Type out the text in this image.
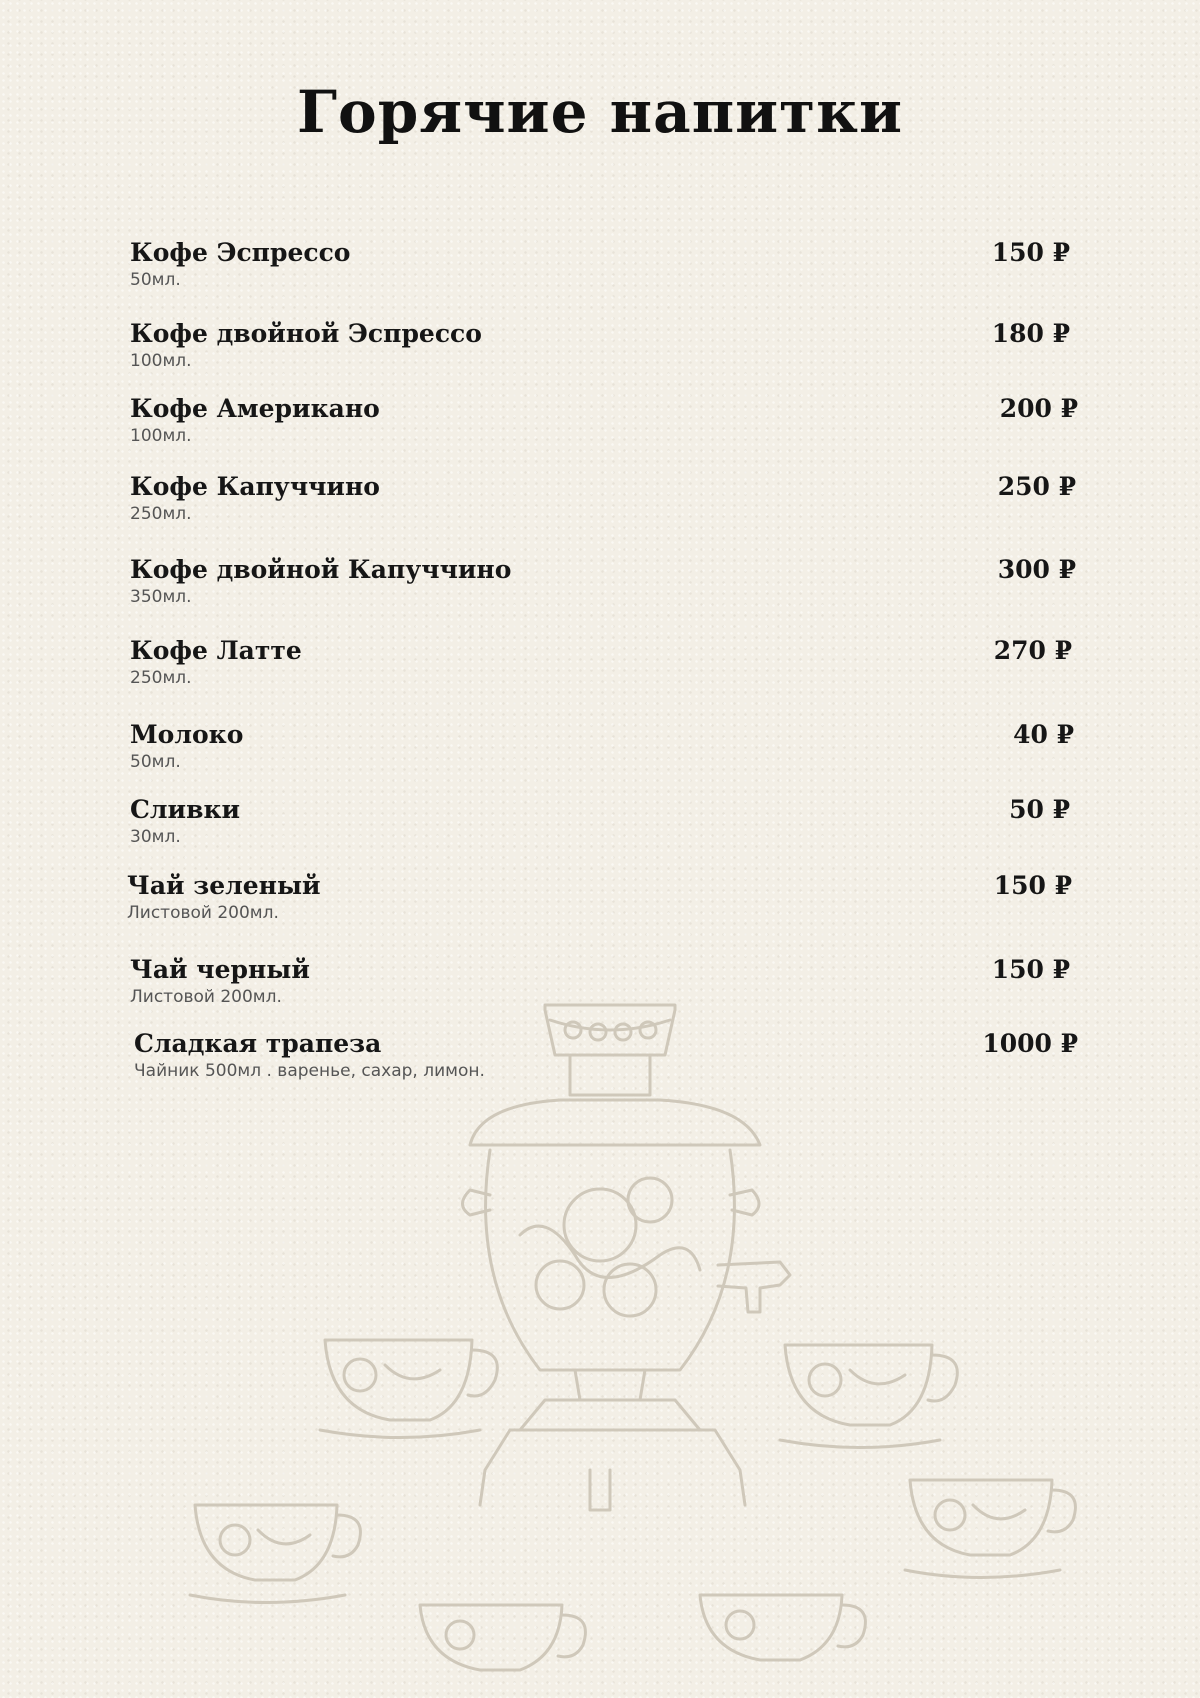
Горячие напитки
Кофе Эспрессо
50мл.
150 ₽
Кофе двойной Эспрессо
100мл.
180 ₽
Кофе Американо
100мл.
200 ₽
Кофе Капуччино
250мл.
250 ₽
Кофе двойной Капуччино
350мл.
300 ₽
Кофе Латте
250мл.
270 ₽
Молоко
50мл.
40 ₽
Сливки
30мл.
50 ₽
Чай зеленый
Листовой 200мл.
150 ₽
Чай черный
Листовой 200мл.
150 ₽
Сладкая трапеза
Чайник 500мл . варенье, сахар, лимон.
1000 ₽
